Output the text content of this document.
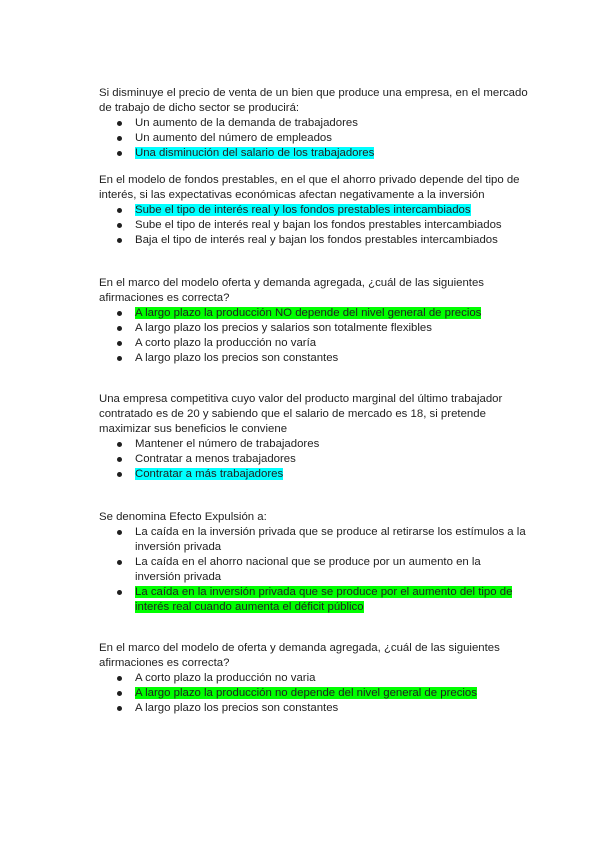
Si disminuye el precio de venta de un bien que produce una empresa, en el mercado de trabajo de dicho sector se producirá:

Un aumento de la demanda de trabajadores
Un aumento del número de empleados
Una disminución del salario de los trabajadores

En el modelo de fondos prestables, en el que el ahorro privado depende del tipo de interés, si las expectativas económicas afectan negativamente a la inversión

Sube el tipo de interés real y los fondos prestables intercambiados
Sube el tipo de interés real y bajan los fondos prestables intercambiados
Baja el tipo de interés real y bajan los fondos prestables intercambiados

En el marco del modelo oferta y demanda agregada, ¿cuál de las siguientes afirmaciones es correcta?

A largo plazo la producción NO depende del nivel general de precios
A largo plazo los precios y salarios son totalmente flexibles
A corto plazo la producción no varía
A largo plazo los precios son constantes

Una empresa competitiva cuyo valor del producto marginal del último trabajador contratado es de 20 y sabiendo que el salario de mercado es 18, si pretende maximizar sus beneficios le conviene

Mantener el número de trabajadores
Contratar a menos trabajadores
Contratar a más trabajadores

Se denomina Efecto Expulsión a:

La caída en la inversión privada que se produce al retirarse los estímulos a la inversión privada
La caída en el ahorro nacional que se produce por un aumento en la inversión privada
La caída en la inversión privada que se produce por el aumento del tipo de interés real cuando aumenta el déficit público

En el marco del modelo de oferta y demanda agregada, ¿cuál de las siguientes afirmaciones es correcta?

A corto plazo la producción no varia
A largo plazo la producción no depende del nivel general de precios
A largo plazo los precios son constantes
